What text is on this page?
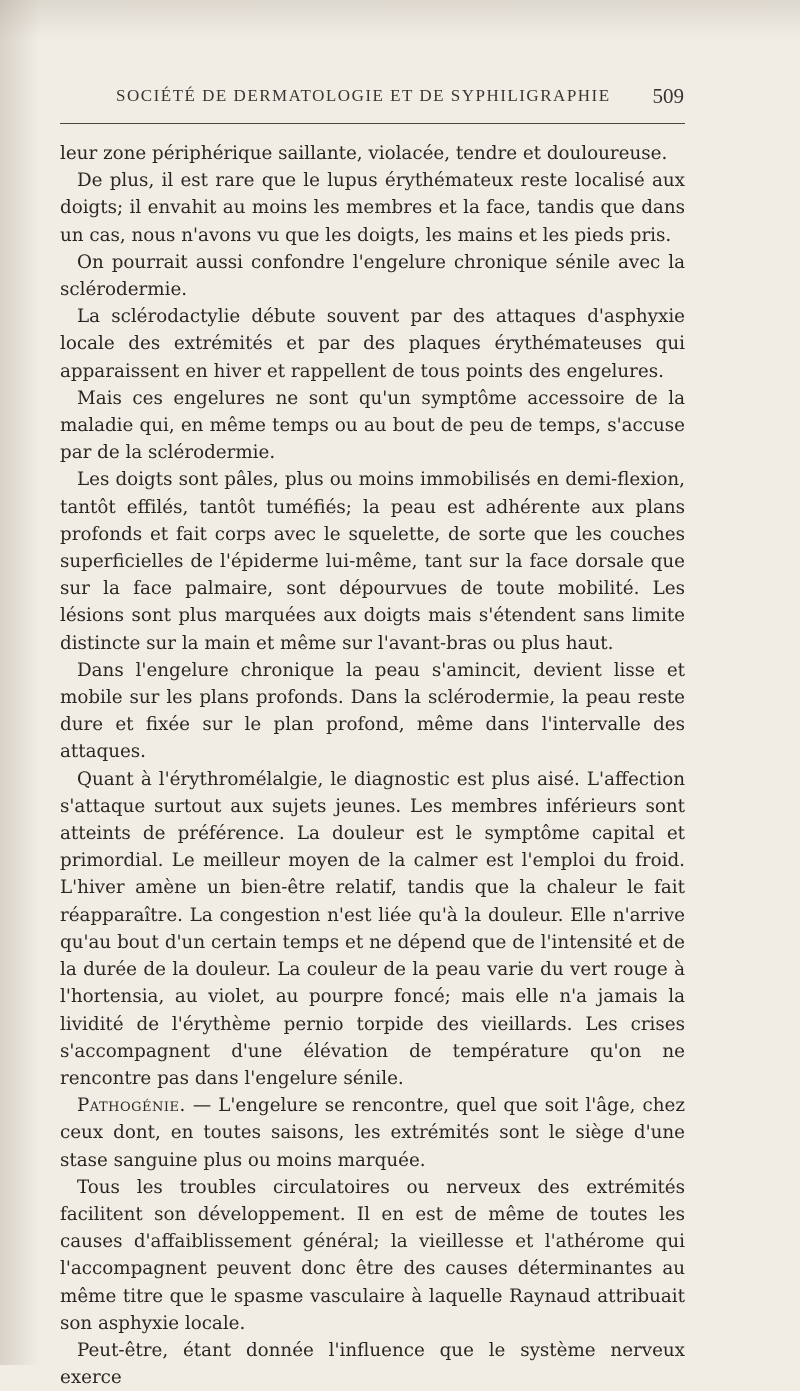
SOCIÉTÉ DE DERMATOLOGIE ET DE SYPHILIGRAPHIE 509

leur zone périphérique saillante, violacée, tendre et douloureuse.

De plus, il est rare que le lupus érythémateux reste localisé aux doigts; il envahit au moins les membres et la face, tandis que dans un cas, nous n'avons vu que les doigts, les mains et les pieds pris.

On pourrait aussi confondre l'engelure chronique sénile avec la sclérodermie.

La sclérodactylie débute souvent par des attaques d'asphyxie locale des extrémités et par des plaques érythémateuses qui apparaissent en hiver et rappellent de tous points des engelures.

Mais ces engelures ne sont qu'un symptôme accessoire de la maladie qui, en même temps ou au bout de peu de temps, s'accuse par de la sclérodermie.

Les doigts sont pâles, plus ou moins immobilisés en demi-flexion, tantôt effilés, tantôt tuméfiés; la peau est adhérente aux plans profonds et fait corps avec le squelette, de sorte que les couches superficielles de l'épiderme lui-même, tant sur la face dorsale que sur la face palmaire, sont dépourvues de toute mobilité. Les lésions sont plus marquées aux doigts mais s'étendent sans limite distincte sur la main et même sur l'avant-bras ou plus haut.

Dans l'engelure chronique la peau s'amincit, devient lisse et mobile sur les plans profonds. Dans la sclérodermie, la peau reste dure et fixée sur le plan profond, même dans l'intervalle des attaques.

Quant à l'érythromélalgie, le diagnostic est plus aisé. L'affection s'attaque surtout aux sujets jeunes. Les membres inférieurs sont atteints de préférence. La douleur est le symptôme capital et primordial. Le meilleur moyen de la calmer est l'emploi du froid. L'hiver amène un bien-être relatif, tandis que la chaleur le fait réapparaître. La congestion n'est liée qu'à la douleur. Elle n'arrive qu'au bout d'un certain temps et ne dépend que de l'intensité et de la durée de la douleur. La couleur de la peau varie du vert rouge à l'hortensia, au violet, au pourpre foncé; mais elle n'a jamais la lividité de l'érythème pernio torpide des vieillards. Les crises s'accompagnent d'une élévation de température qu'on ne rencontre pas dans l'engelure sénile.

Pathogénie. — L'engelure se rencontre, quel que soit l'âge, chez ceux dont, en toutes saisons, les extrémités sont le siège d'une stase sanguine plus ou moins marquée.

Tous les troubles circulatoires ou nerveux des extrémités facilitent son développement. Il en est de même de toutes les causes d'affaiblissement général; la vieillesse et l'athérome qui l'accompagnent peuvent donc être des causes déterminantes au même titre que le spasme vasculaire à laquelle Raynaud attribuait son asphyxie locale.

Peut-être, étant donnée l'influence que le système nerveux exerce
